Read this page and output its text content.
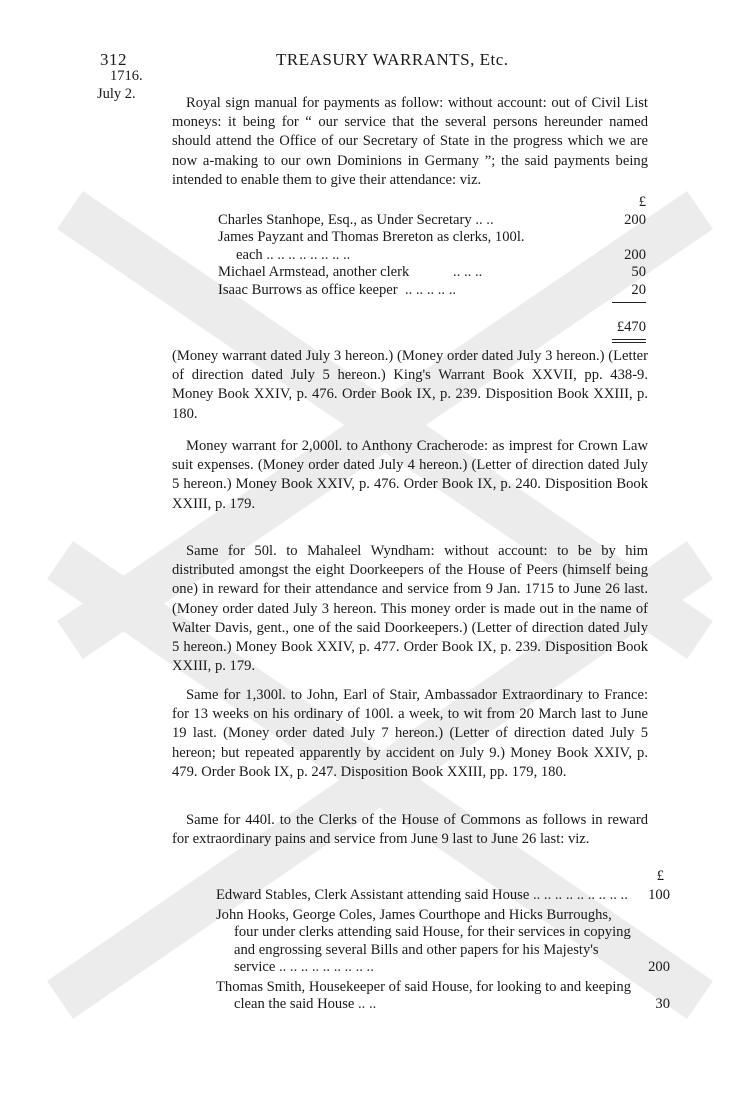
312	TREASURY WARRANTS, Etc.
1716.
July 2.

Royal sign manual for payments as follow: without account: out of Civil List moneys: it being for “ our service that the several persons hereunder named should attend the Office of our Secretary of State in the progress which we are now a-making to our own Dominions in Germany ”; the said payments being intended to enable them to give their attendance: viz.

£
Charles Stanhope, Esq., as Under Secretary .. ..	200
James Payzant and Thomas Brereton as clerks, 100l.
each .. .. .. .. .. .. .. ..	200
Michael Armstead, another clerk	.. .. ..	50
Isaac Burrows as office keeper .. .. .. .. ..	20
£470

(Money warrant dated July 3 hereon.) (Money order dated July 3 hereon.) (Letter of direction dated July 5 hereon.) King's Warrant Book XXVII, pp. 438-9. Money Book XXIV, p. 476. Order Book IX, p. 239. Disposition Book XXIII, p. 180.

Money warrant for 2,000l. to Anthony Cracherode: as imprest for Crown Law suit expenses. (Money order dated July 4 hereon.) (Letter of direction dated July 5 hereon.) Money Book XXIV, p. 476. Order Book IX, p. 240. Disposition Book XXIII, p. 179.

Same for 50l. to Mahaleel Wyndham: without account: to be by him distributed amongst the eight Doorkeepers of the House of Peers (himself being one) in reward for their attendance and service from 9 Jan. 1715 to June 26 last. (Money order dated July 3 hereon. This money order is made out in the name of Walter Davis, gent., one of the said Doorkeepers.) (Letter of direction dated July 5 hereon.) Money Book XXIV, p. 477. Order Book IX, p. 239. Disposition Book XXIII, p. 179.

Same for 1,300l. to John, Earl of Stair, Ambassador Extraordinary to France: for 13 weeks on his ordinary of 100l. a week, to wit from 20 March last to June 19 last. (Money order dated July 7 hereon.) (Letter of direction dated July 5 hereon; but repeated apparently by accident on July 9.) Money Book XXIV, p. 479. Order Book IX, p. 247. Disposition Book XXIII, pp. 179, 180.

Same for 440l. to the Clerks of the House of Commons as follows in reward for extraordinary pains and service from June 9 last to June 26 last: viz.

£
Edward Stables, Clerk Assistant attending said House .. .. .. .. .. .. .. .. ..	100
John Hooks, George Coles, James Courthope and Hicks Burroughs, four under clerks attending said House, for their services in copying and engrossing several Bills and other papers for his Majesty's service .. .. .. .. .. .. .. .. ..	200
Thomas Smith, Housekeeper of said House, for looking to and keeping clean the said House .. ..	30
